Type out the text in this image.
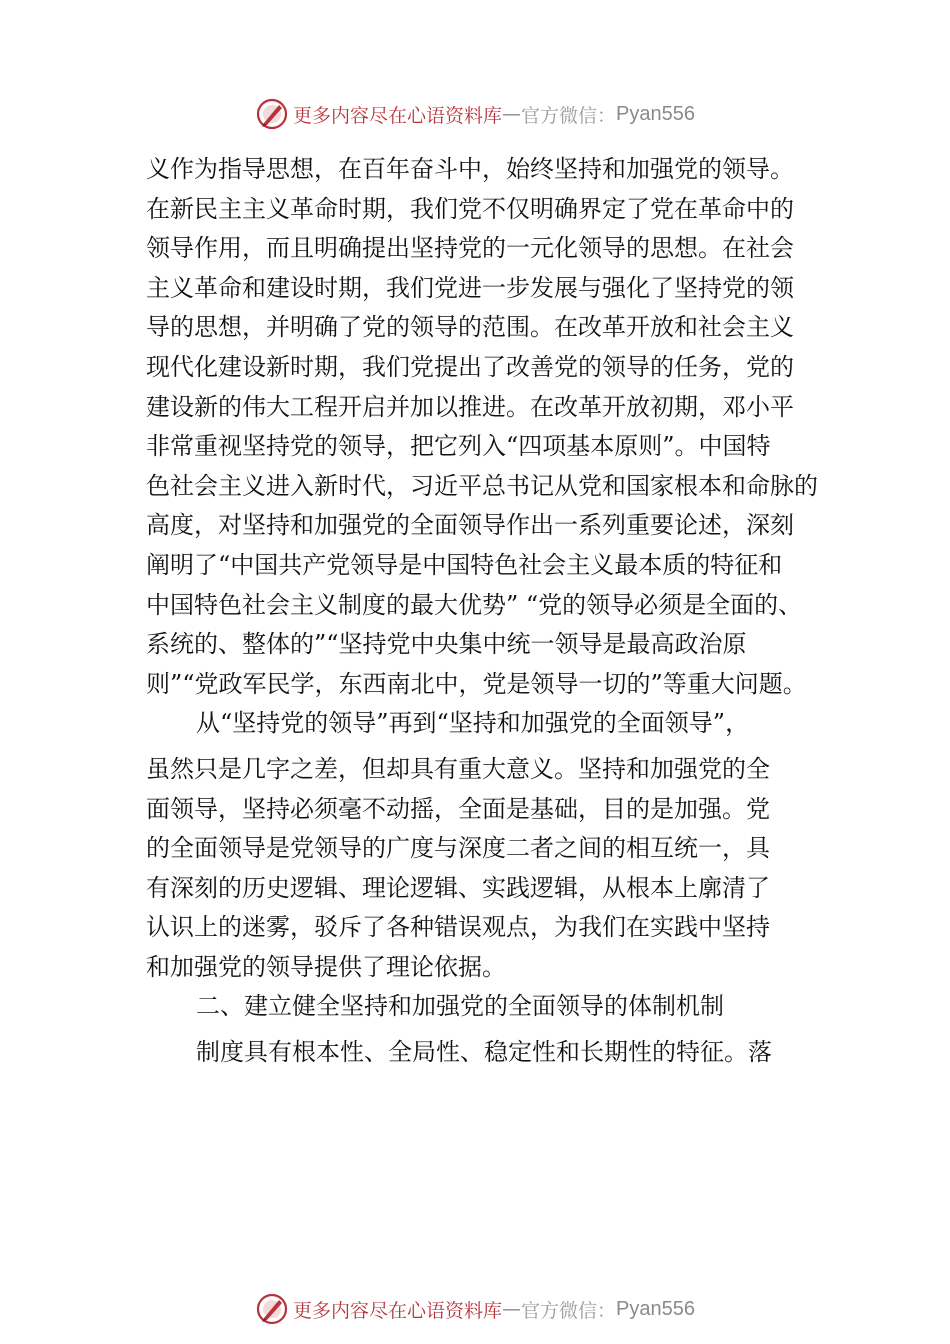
更多内容尽在心语资料库 — 官方微信： Pyan556
义作为指导思想，在百年奋斗中，始终坚持和加强党的领导。
在新民主主义革命时期，我们党不仅明确界定了党在革命中的
领导作用，而且明确提出坚持党的一元化领导的思想。在社会
主义革命和建设时期，我们党进一步发展与强化了坚持党的领
导的思想，并明确了党的领导的范围。在改革开放和社会主义
现代化建设新时期，我们党提出了改善党的领导的任务，党的
建设新的伟大工程开启并加以推进。在改革开放初期，邓小平
非常重视坚持党的领导，把它列入“四项基本原则”。中国特
色社会主义进入新时代，习近平总书记从党和国家根本和命脉的
高度，对坚持和加强党的全面领导作出一系列重要论述，深刻
阐明了“中国共产党领导是中国特色社会主义最本质的特征和
中国特色社会主义制度的最大优势” “党的领导必须是全面的、
系统的、整体的”“坚持党中央集中统一领导是最高政治原
则”“党政军民学，东西南北中，党是领导一切的”等重大问题。
从“坚持党的领导”再到“坚持和加强党的全面领导”，
虽然只是几字之差，但却具有重大意义。坚持和加强党的全
面领导，坚持必须毫不动摇，全面是基础，目的是加强。党
的全面领导是党领导的广度与深度二者之间的相互统一，具
有深刻的历史逻辑、理论逻辑、实践逻辑，从根本上廓清了
认识上的迷雾，驳斥了各种错误观点，为我们在实践中坚持
和加强党的领导提供了理论依据。
二、建立健全坚持和加强党的全面领导的体制机制
制度具有根本性、全局性、稳定性和长期性的特征。落
更多内容尽在心语资料库 — 官方微信： Pyan556
